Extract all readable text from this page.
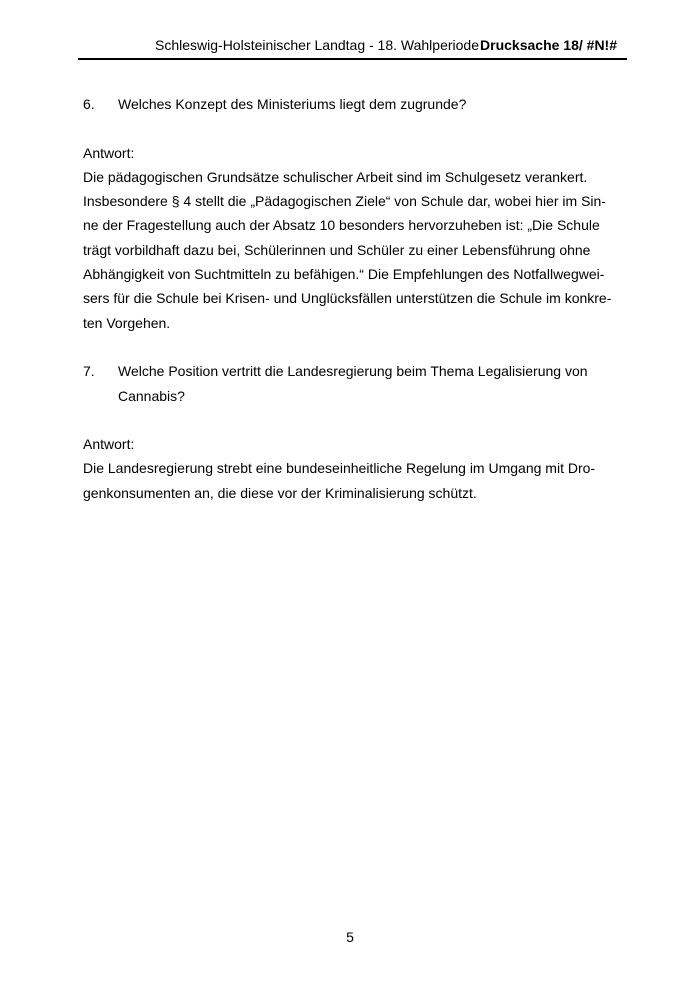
Schleswig-Holsteinischer Landtag - 18. Wahlperiode Drucksache 18/ #N!#
6.	Welches Konzept des Ministeriums liegt dem zugrunde?
Antwort:
Die pädagogischen Grundsätze schulischer Arbeit sind im Schulgesetz verankert.
Insbesondere § 4 stellt die „Pädagogischen Ziele“ von Schule dar, wobei hier im Sin-
ne der Fragestellung auch der Absatz 10 besonders hervorzuheben ist: „Die Schule
trägt vorbildhaft dazu bei, Schülerinnen und Schüler zu einer Lebensführung ohne
Abhängigkeit von Suchtmitteln zu befähigen.“ Die Empfehlungen des Notfallwegwei-
sers für die Schule bei Krisen- und Unglücksfällen unterstützen die Schule im konkre-
ten Vorgehen.
7.	Welche Position vertritt die Landesregierung beim Thema Legalisierung von
Cannabis?
Antwort:
Die Landesregierung strebt eine bundeseinheitliche Regelung im Umgang mit Dro-
genkonsumenten an, die diese vor der Kriminalisierung schützt.
5
